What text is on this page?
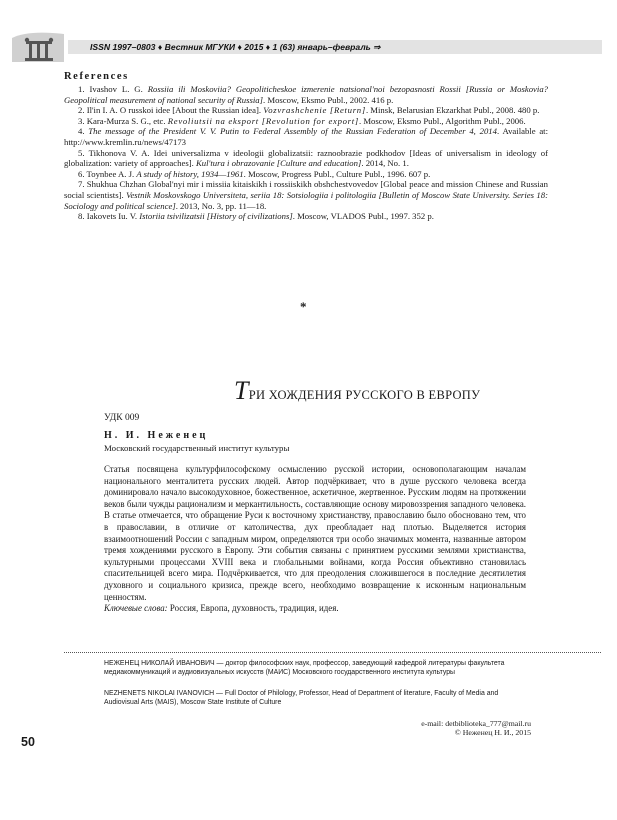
ISSN 1997–0803 ♦ Вестник МГУКИ ♦ 2015 ♦ 1 (63) январь–февраль ⇒
References

1. Ivashov L. G. Rossiia ili Moskoviia? Geopoliticheskoe izmerenie natsional'noi bezopasnosti Rossii [Russia or Moskovia? Geopolitical measurement of national security of Russia]. Moscow, Eksmo Publ., 2002. 416 p.

2. Il'in I. A. O russkoi idee [About the Russian idea]. Vozvrashchenie [Return]. Minsk, Belarusian Ekzarkhat Publ., 2008. 480 p.

3. Kara-Murza S. G., etc. Revoliutsii na eksport [Revolution for export]. Moscow, Eksmo Publ., Algorithm Publ., 2006.

4. The message of the President V. V. Putin to Federal Assembly of the Russian Federation of December 4, 2014. Available at: http://www.kremlin.ru/news/47173

5. Tikhonova V. A. Idei universalizma v ideologii globalizatsii: raznoobrazie podkhodov [Ideas of universalism in ideology of globalization: variety of approaches]. Kul'tura i obrazovanie [Culture and education]. 2014, No. 1.

6. Toynbee A. J. A study of history, 1934—1961. Moscow, Progress Publ., Culture Publ., 1996. 607 p.

7. Shukhua Chzhan Global'nyi mir i missiia kitaiskikh i rossiiskikh obshchestvovedov [Global peace and mission Chinese and Russian social scientists]. Vestnik Moskovskogo Universiteta, seriia 18: Sotsiologiia i politologiia [Bulletin of Moscow State University. Series 18: Sociology and political science]. 2013, No. 3, pp. 11—18.

8. Iakovets Iu. V. Istoriia tsivilizatsii [History of civilizations]. Moscow, VLADOS Publ., 1997. 352 p.

*
ТРИ ХОЖДЕНИЯ РУССКОГО В ЕВРОПУ
УДК 009
Н. И. Неженец
Московский государственный институт культуры

Статья посвящена культурфилософскому осмыслению русской истории, основополагающим началам национального менталитета русских людей. Автор подчёркивает, что в душе русского человека всегда доминировало начало высокодуховное, божественное, аскетичное, жертвенное. Русским людям на протяжении веков были чужды рационализм и меркантильность, составляющие основу мировоззрения западного человека. В статье отмечается, что обращение Руси к восточному христианству, православию было обосновано тем, что в православии, в отличие от католичества, дух преобладает над плотью. Выделяется история взаимоотношений России с западным миром, определяются три особо значимых момента, названные автором тремя хождениями русского в Европу. Эти события связаны с принятием русскими землями христианства, культурными процессами XVIII века и глобальными войнами, когда Россия объективно становилась спасительницей всего мира. Подчёркивается, что для преодоления сложившегося в последние десятилетия духовного и социального кризиса, прежде всего, необходимо возвращение к исконным национальным ценностям.

Ключевые слова: Россия, Европа, духовность, традиция, идея.

НЕЖЕНЕЦ НИКОЛАЙ ИВАНОВИЧ — доктор философских наук, профессор, заведующий кафедрой литературы факультета медиакоммуникаций и аудиовизуальных искусств (МАИС) Московского государственного института культуры
NEZHENETS NIKOLAI IVANOVICH — Full Doctor of Philology, Professor, Head of Department of literature, Faculty of Media and Audiovisual Arts (MAIS), Moscow State Institute of Culture
e-mail: detbiblioteka_777@mail.ru
© Неженец Н. И., 2015
50
